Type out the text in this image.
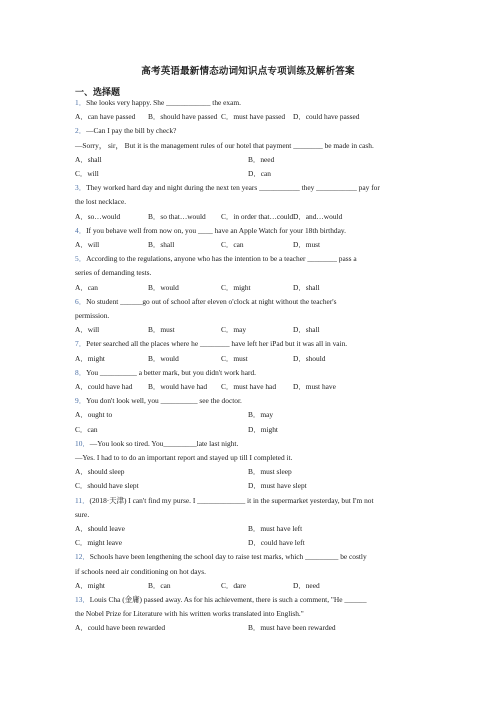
高考英语最新情态动词知识点专项训练及解析答案
一、选择题
1．She looks very happy. She ____________ the exam.
A．can have passed B．should have passed C．must have passed D．could have passed
2．—Can I pay the bill by check?
—Sorry， sir， But it is the management rules of our hotel that payment ________ be made in cash.
A．shall	B．need
C．will	D．can
3．They worked hard day and night during the next ten years ___________ they ___________ pay for
the lost necklace.
A．so…would	B．so that…would C．in order that…could D．and…would
4．If you behave well from now on, you ____ have an Apple Watch for your 18th birthday.
A．will	B．shall	C．can	D．must
5．According to the regulations, anyone who has the intention to be a teacher ________ pass a
series of demanding tests.
A．can	B．would	C．might	D．shall
6．No student ______go out of school after eleven o'clock at night without the teacher's
permission.
A．will	B．must	C．may	D．shall
7．Peter searched all the places where he ________ have left her iPad but it was all in vain.
A．might	B．would	C．must	D．should
8．You __________ a better mark, but you didn't work hard.
A．could have had B．would have had C．must have had D．must have
9．You don't look well, you __________ see the doctor.
A．ought to	B．may
C．can	D．might
10．—You look so tired. You_________late last night.
—Yes. I had to to do an important report and stayed up till I completed it.
A．should sleep	B．must sleep
C．should have slept	D．must have slept
11．(2018·天津) I can't find my purse. I _____________ it in the supermarket yesterday, but I'm not
sure.
A．should leave	B．must have left
C．might leave	D．could have left
12．Schools have been lengthening the school day to raise test marks, which _________ be costly
if schools need air conditioning on hot days.
A．might	B．can	C．dare	D．need
13．Louis Cha (金庸) passed away. As for his achievement, there is such a comment, "He ______
the Nobel Prize for Literature with his written works translated into English."
A．could have been rewarded	B．must have been rewarded
